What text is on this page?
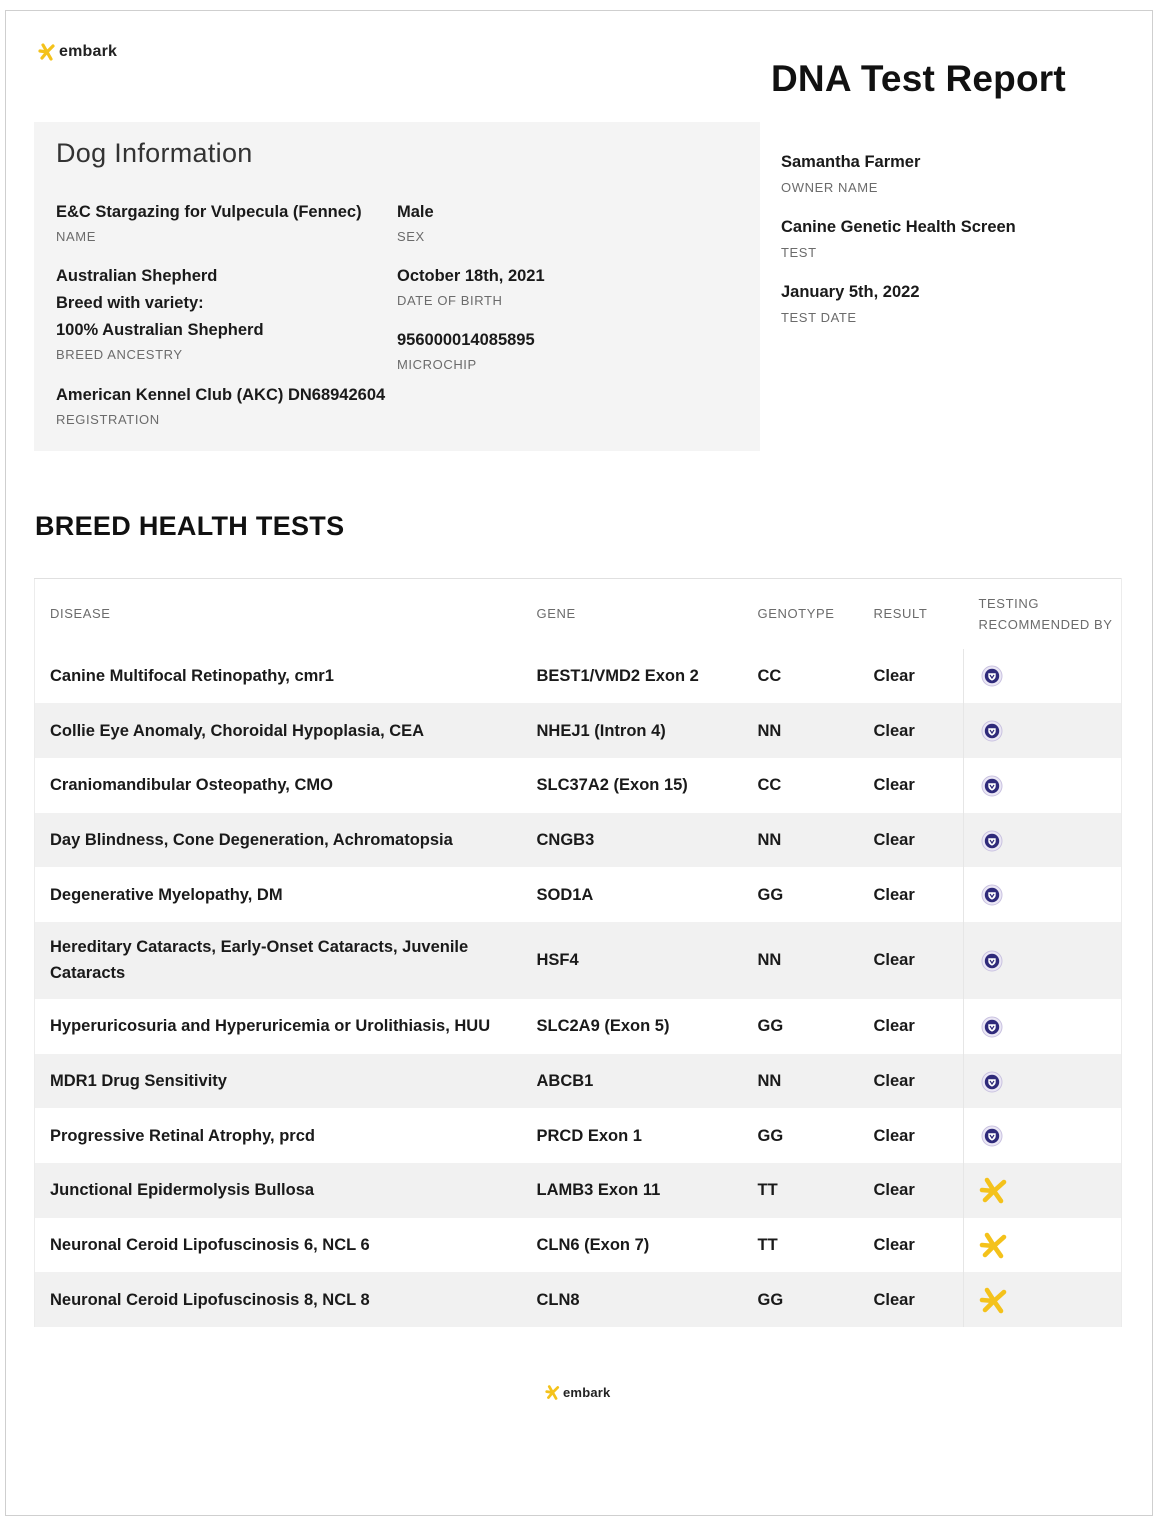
embark
DNA Test Report
Dog Information
E&C Stargazing for Vulpecula (Fennec)
NAME
Male
SEX
Australian Shepherd
Breed with variety:
100% Australian Shepherd
BREED ANCESTRY
October 18th, 2021
DATE OF BIRTH
956000014085895
MICROCHIP
American Kennel Club (AKC) DN68942604
REGISTRATION
Samantha Farmer
OWNER NAME
Canine Genetic Health Screen
TEST
January 5th, 2022
TEST DATE
BREED HEALTH TESTS
DISEASE	GENE	GENOTYPE	RESULT	TESTING
RECOMMENDED BY

Canine Multifocal Retinopathy, cmr1	BEST1/VMD2 Exon 2	CC	Clear	
Collie Eye Anomaly, Choroidal Hypoplasia, CEA	NHEJ1 (Intron 4)	NN	Clear	
Craniomandibular Osteopathy, CMO	SLC37A2 (Exon 15)	CC	Clear	
Day Blindness, Cone Degeneration, Achromatopsia	CNGB3	NN	Clear	
Degenerative Myelopathy, DM	SOD1A	GG	Clear	
Hereditary Cataracts, Early-Onset Cataracts, Juvenile Cataracts	HSF4	NN	Clear	
Hyperuricosuria and Hyperuricemia or Urolithiasis, HUU	SLC2A9 (Exon 5)	GG	Clear	
MDR1 Drug Sensitivity	ABCB1	NN	Clear	
Progressive Retinal Atrophy, prcd	PRCD Exon 1	GG	Clear	
Junctional Epidermolysis Bullosa	LAMB3 Exon 11	TT	Clear	
Neuronal Ceroid Lipofuscinosis 6, NCL 6	CLN6 (Exon 7)	TT	Clear	
Neuronal Ceroid Lipofuscinosis 8, NCL 8	CLN8	GG	Clear	
embark
